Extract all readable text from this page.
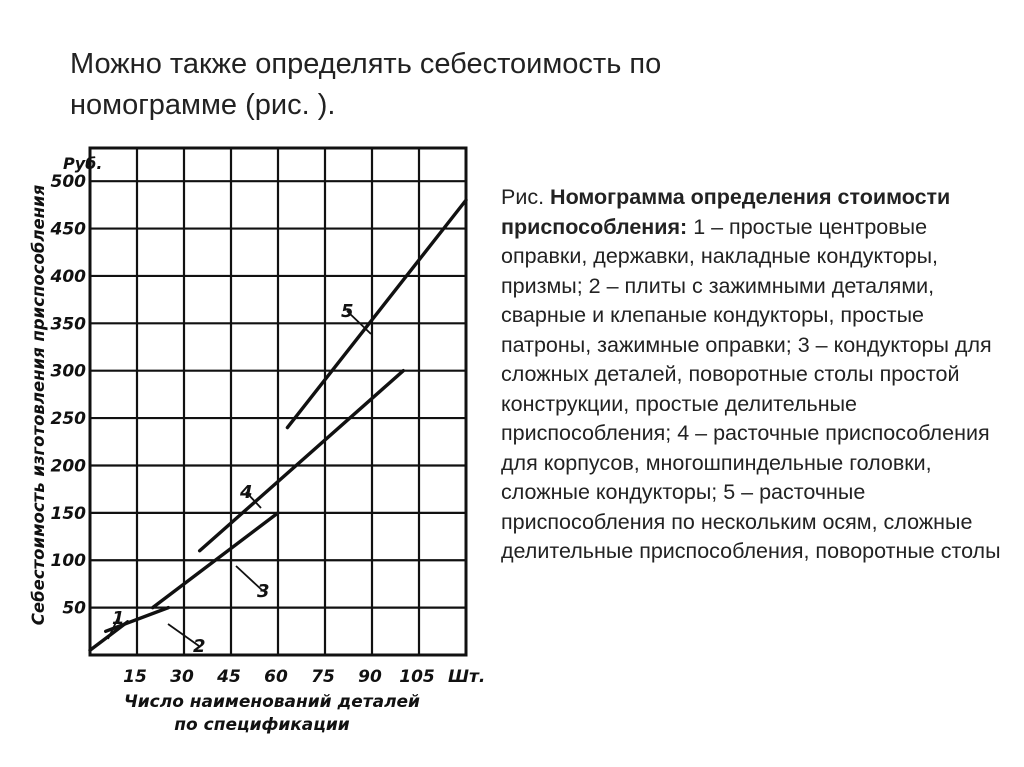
Можно также определять себестоимость по
номограмме (рис. ).
1
2
3
4
5
15 30 45 60 75 90 105
50
100
150
200
250
300
350
400
450
500
Руб.
Шт.
Себестоимость изготовления приспособления
Число наименований деталей
по спецификации
Рис. Номограмма определения стоимости приспособления: 1 – простые центровые оправки, державки, накладные кондукторы, призмы; 2 – плиты с зажимными деталями, сварные и клепаные кондукторы, простые патроны, зажимные оправки; 3 – кондукторы для сложных деталей, поворотные столы простой конструкции, простые делительные приспособления; 4 – расточные приспособления для корпусов, многошпиндельные головки, сложные кондукторы; 5 – расточные приспособления по нескольким осям, сложные делительные приспособления, поворотные столы
